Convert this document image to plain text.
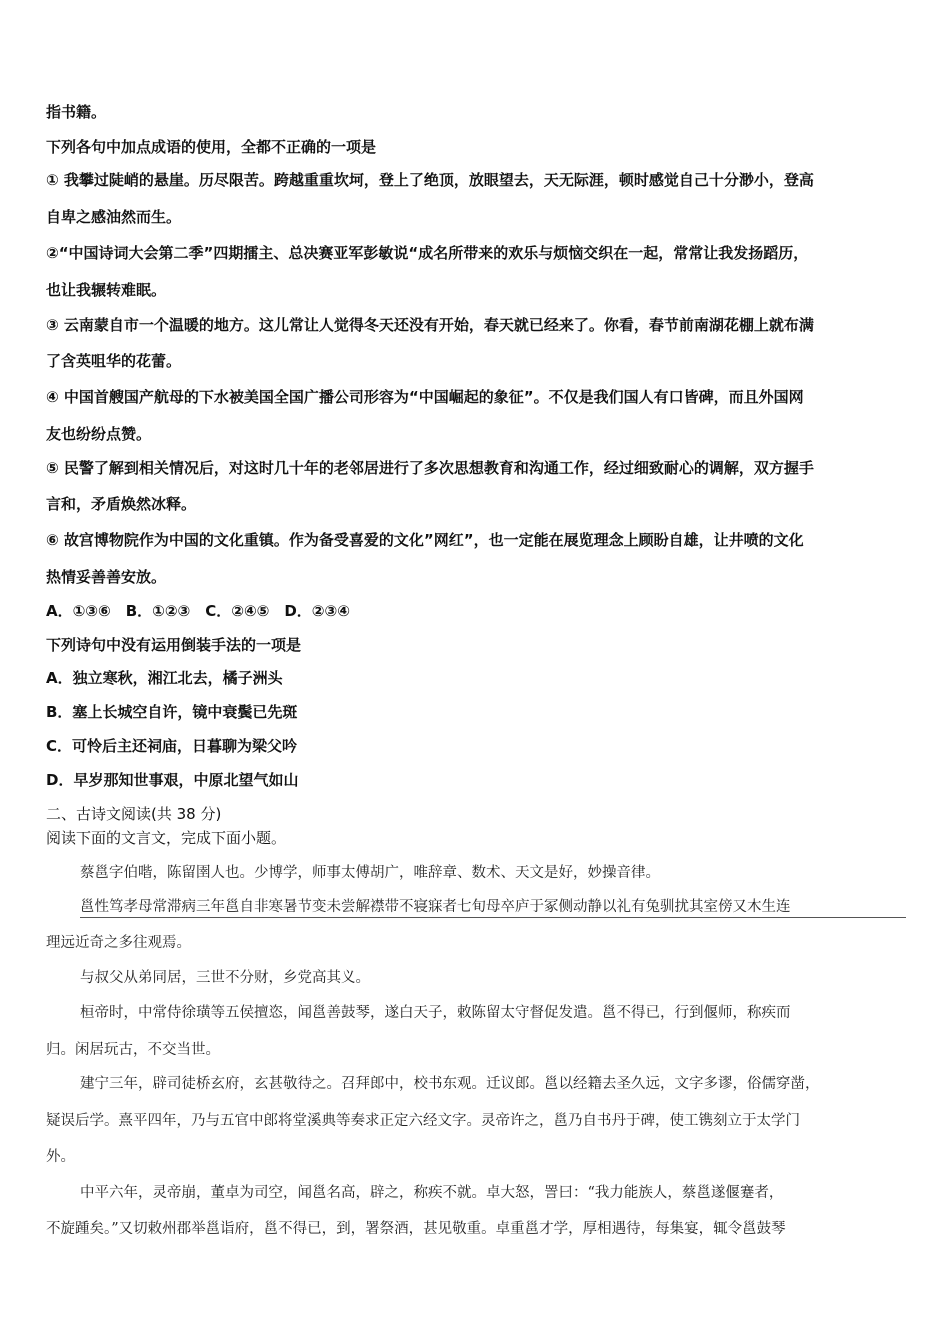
指书籍。
下列各句中加点成语的使用，全都不正确的一项是
① 我攀过陡峭的悬崖。历尽限苦。跨越重重坎坷，登上了绝顶，放眼望去，天无际涯，顿时感觉自己十分渺小，登高
自卑之感油然而生。
②“中国诗词大会第二季”四期擂主、总决赛亚军彭敏说“成名所带来的欢乐与烦恼交织在一起，常常让我发扬蹈历，
也让我辗转难眠。
③ 云南蒙自市一个温暖的地方。这儿常让人觉得冬天还没有开始，春天就已经来了。你看，春节前南湖花棚上就布满
了含英咀华的花蕾。
④ 中国首艘国产航母的下水被美国全国广播公司形容为“中国崛起的象征”。不仅是我们国人有口皆碑，而且外国网
友也纷纷点赞。
⑤ 民警了解到相关情况后，对这时几十年的老邻居进行了多次思想教育和沟通工作，经过细致耐心的调解，双方握手
言和，矛盾焕然冰释。
⑥ 故宫博物院作为中国的文化重镇。作为备受喜爱的文化”网红”，也一定能在展览理念上顾盼自雄，让井喷的文化
热情妥善善安放。
A．①③⑥　B．①②③　C．②④⑤　D．②③④
下列诗句中没有运用倒装手法的一项是
A．独立寒秋，湘江北去，橘子洲头
B．塞上长城空自许，镜中衰鬓已先斑
C．可怜后主还祠庙，日暮聊为梁父吟
D．早岁那知世事艰，中原北望气如山
二、古诗文阅读(共 38 分)
阅读下面的文言文，完成下面小题。
蔡邕字伯喈，陈留圉人也。少博学，师事太傅胡广，唯辞章、数术、天文是好，妙操音律。
邕性笃孝母常滞病三年邕自非寒暑节变未尝解襟带不寝寐者七旬母卒庐于冢侧动静以礼有兔驯扰其室傍又木生连
理远近奇之多往观焉。
与叔父从弟同居，三世不分财，乡党高其义。
桓帝时，中常侍徐璜等五侯擅恣，闻邕善鼓琴，遂白天子，敕陈留太守督促发遣。邕不得已，行到偃师，称疾而
归。闲居玩古，不交当世。
建宁三年，辟司徒桥玄府，玄甚敬待之。召拜郎中，校书东观。迁议郎。邕以经籍去圣久远，文字多谬，俗儒穿凿，
疑误后学。熹平四年，乃与五官中郎将堂溪典等奏求正定六经文字。灵帝许之，邕乃自书丹于碑，使工镌刻立于太学门
外。
中平六年，灵帝崩，董卓为司空，闻邕名高，辟之，称疾不就。卓大怒，詈曰：“我力能族人，蔡邕遂偃蹇者，
不旋踵矣。”又切敕州郡举邕诣府，邕不得已，到，署祭酒，甚见敬重。卓重邕才学，厚相遇待，每集宴，辄令邕鼓琴
